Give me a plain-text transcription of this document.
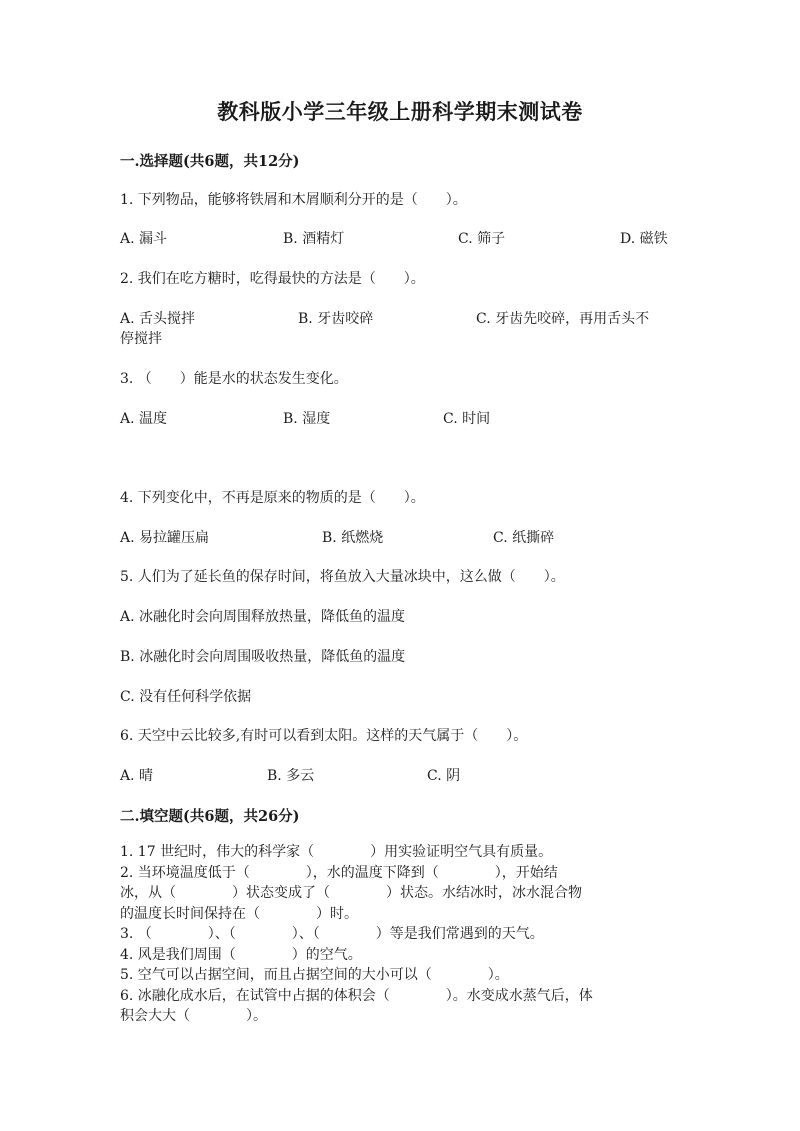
教科版小学三年级上册科学期末测试卷
一.选择题(共6题，共12分)
1. 下列物品，能够将铁屑和木屑顺利分开的是（　　）。
A. 漏斗	B. 酒精灯	C. 筛子	D. 磁铁
2. 我们在吃方糖时，吃得最快的方法是（　　）。
A. 舌头搅拌	B. 牙齿咬碎	C. 牙齿先咬碎，再用舌头不
停搅拌
3. （　　）能是水的状态发生变化。
A. 温度	B. 湿度	C. 时间
4. 下列变化中，不再是原来的物质的是（　　）。
A. 易拉罐压扁	B. 纸燃烧	C. 纸撕碎
5. 人们为了延长鱼的保存时间，将鱼放入大量冰块中，这么做（　　）。
A. 冰融化时会向周围释放热量，降低鱼的温度
B. 冰融化时会向周围吸收热量，降低鱼的温度
C. 没有任何科学依据
6. 天空中云比较多,有时可以看到太阳。这样的天气属于（　　）。
A. 晴	B. 多云	C. 阴
二.填空题(共6题，共26分)
1. 17 世纪时，伟大的科学家（　　　　）用实验证明空气具有质量。
2. 当环境温度低于（　　　　），水的温度下降到（　　　　），开始结
冰，从（　　　　）状态变成了（　　　　）状态。水结冰时，冰水混合物
的温度长时间保持在（　　　　）时。
3. （　　　　）、（　　　　）、（　　　　）等是我们常遇到的天气。
4. 风是我们周围（　　　　）的空气。
5. 空气可以占据空间，而且占据空间的大小可以（　　　　）。
6. 冰融化成水后，在试管中占据的体积会（　　　　）。水变成水蒸气后，体
积会大大（　　　　）。
